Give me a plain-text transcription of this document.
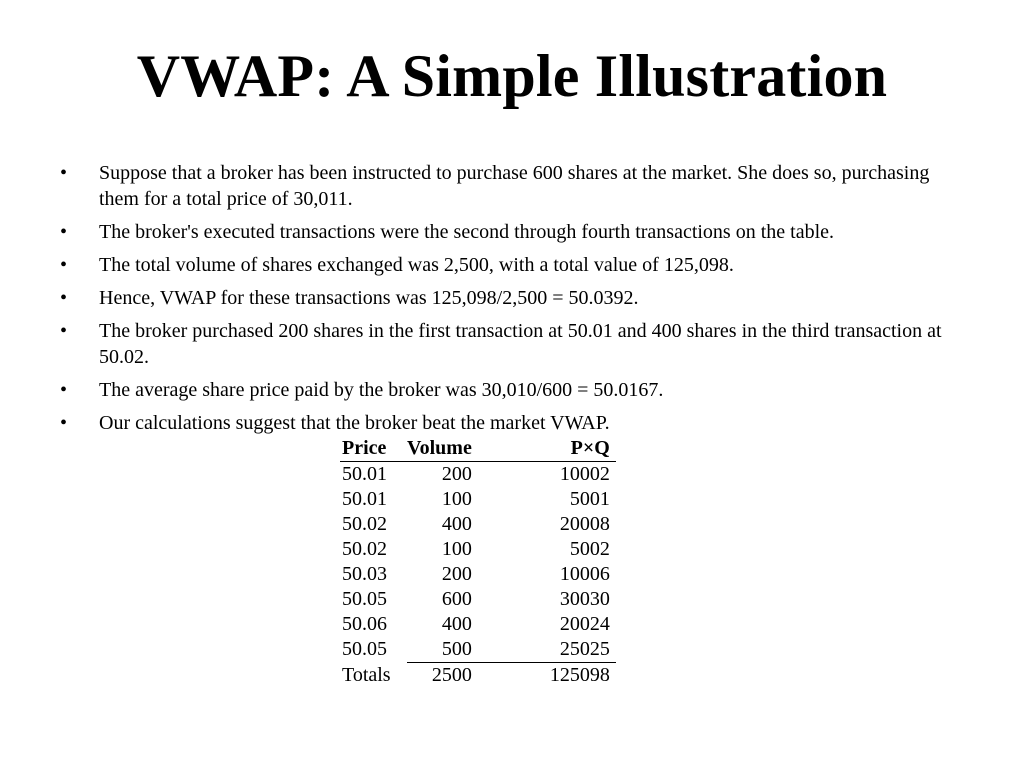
VWAP: A Simple Illustration
• Suppose that a broker has been instructed to purchase 600 shares at the market. She does so, purchasing them for a total price of 30,011.
• The broker's executed transactions were the second through fourth transactions on the table.
• The total volume of shares exchanged was 2,500, with a total value of 125,098.
• Hence, VWAP for these transactions was 125,098/2,500 = 50.0392.
• The broker purchased 200 shares in the first transaction at 50.01 and 400 shares in the third transaction at 50.02.
• The average share price paid by the broker was 30,010/600 = 50.0167.
• Our calculations suggest that the broker beat the market VWAP.
Price	Volume	P×Q
50.01	200	10002
50.01	100	5001
50.02	400	20008
50.02	100	5002
50.03	200	10006
50.05	600	30030
50.06	400	20024
50.05	500	25025
Totals	2500	125098
